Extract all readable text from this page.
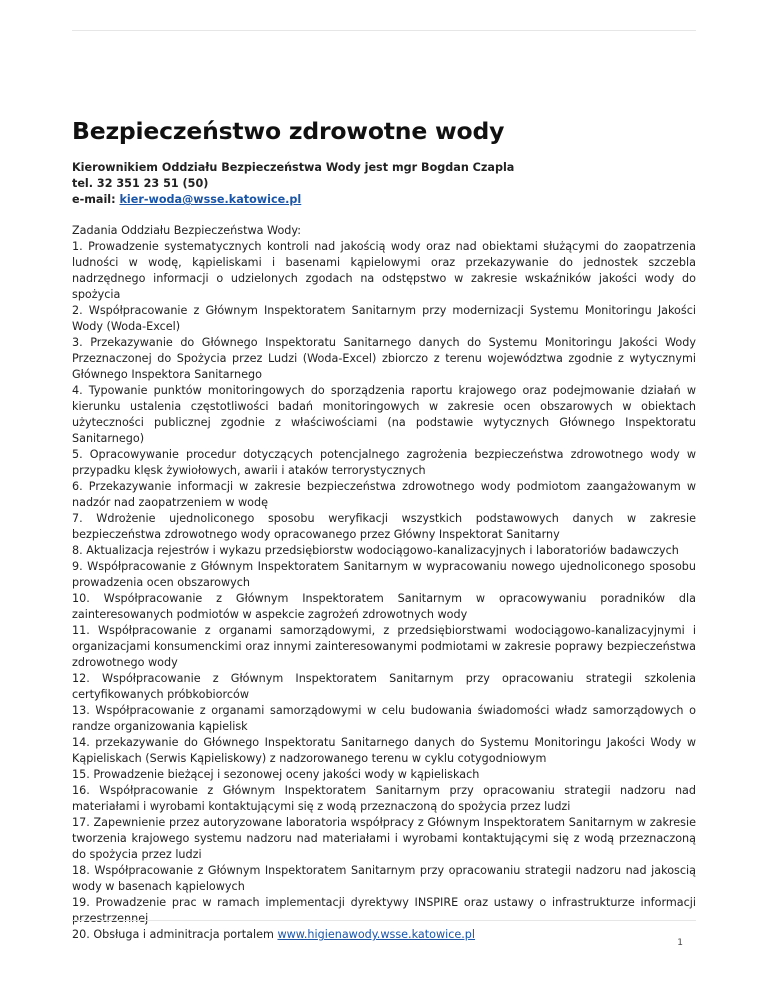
Bezpieczeństwo zdrowotne wody
Kierownikiem Oddziału Bezpieczeństwa Wody jest mgr Bogdan Czapla
tel. 32 351 23 51 (50)
e-mail: kier-woda@wsse.katowice.pl

Zadania Oddziału Bezpieczeństwa Wody:

1. Prowadzenie systematycznych kontroli nad jakością wody oraz nad obiektami służącymi do zaopatrzenia ludności w wodę, kąpieliskami i basenami kąpielowymi oraz przekazywanie do jednostek szczebla nadrzędnego informacji o udzielonych zgodach na odstępstwo w zakresie wskaźników jakości wody do spożycia

2. Współpracowanie z Głównym Inspektoratem Sanitarnym przy modernizacji Systemu Monitoringu Jakości Wody (Woda-Excel)

3. Przekazywanie do Głównego Inspektoratu Sanitarnego danych do Systemu Monitoringu Jakości Wody Przeznaczonej do Spożycia przez Ludzi (Woda-Excel) zbiorczo z terenu województwa zgodnie z wytycznymi Głównego Inspektora Sanitarnego

4. Typowanie punktów monitoringowych do sporządzenia raportu krajowego oraz podejmowanie działań w kierunku ustalenia częstotliwości badań monitoringowych w zakresie ocen obszarowych w obiektach użyteczności publicznej zgodnie z właściwościami (na podstawie wytycznych Głównego Inspektoratu Sanitarnego)

5. Opracowywanie procedur dotyczących potencjalnego zagrożenia bezpieczeństwa zdrowotnego wody w przypadku klęsk żywiołowych, awarii i ataków terrorystycznych

6. Przekazywanie informacji w zakresie bezpieczeństwa zdrowotnego wody podmiotom zaangażowanym w nadzór nad zaopatrzeniem w wodę

7. Wdrożenie ujednoliconego sposobu weryfikacji wszystkich podstawowych danych w zakresie bezpieczeństwa zdrowotnego wody opracowanego przez Główny Inspektorat Sanitarny

8. Aktualizacja rejestrów i wykazu przedsiębiorstw wodociągowo-kanalizacyjnych i laboratoriów badawczych

9. Współpracowanie z Głównym Inspektoratem Sanitarnym w wypracowaniu nowego ujednoliconego sposobu prowadzenia ocen obszarowych

10. Współpracowanie z Głównym Inspektoratem Sanitarnym w opracowywaniu poradników dla zainteresowanych podmiotów w aspekcie zagrożeń zdrowotnych wody

11. Współpracowanie z organami samorządowymi, z przedsiębiorstwami wodociągowo-kanalizacyjnymi i organizacjami konsumenckimi oraz innymi zainteresowanymi podmiotami w zakresie poprawy bezpieczeństwa zdrowotnego wody

12. Współpracowanie z Głównym Inspektoratem Sanitarnym przy opracowaniu strategii szkolenia certyfikowanych próbkobiorców

13. Współpracowanie z organami samorządowymi w celu budowania świadomości władz samorządowych o randze organizowania kąpielisk

14. przekazywanie do Głównego Inspektoratu Sanitarnego danych do Systemu Monitoringu Jakości Wody w Kąpieliskach (Serwis Kąpieliskowy) z nadzorowanego terenu w cyklu cotygodniowym

15. Prowadzenie bieżącej i sezonowej oceny jakości wody w kąpieliskach

16. Współpracowanie z Głównym Inspektoratem Sanitarnym przy opracowaniu strategii nadzoru nad materiałami i wyrobami kontaktującymi się z wodą przeznaczoną do spożycia przez ludzi

17. Zapewnienie przez autoryzowane laboratoria współpracy z Głównym Inspektoratem Sanitarnym w zakresie tworzenia krajowego systemu nadzoru nad materiałami i wyrobami kontaktującymi się z wodą przeznaczoną do spożycia przez ludzi

18. Współpracowanie z Głównym Inspektoratem Sanitarnym przy opracowaniu strategii nadzoru nad jakoscią wody w basenach kąpielowych

19. Prowadzenie prac w ramach implementacji dyrektywy INSPIRE oraz ustawy o infrastrukturze informacji przestrzennej

20. Obsługa i adminitracja portalem www.higienawody.wsse.katowice.pl

1
